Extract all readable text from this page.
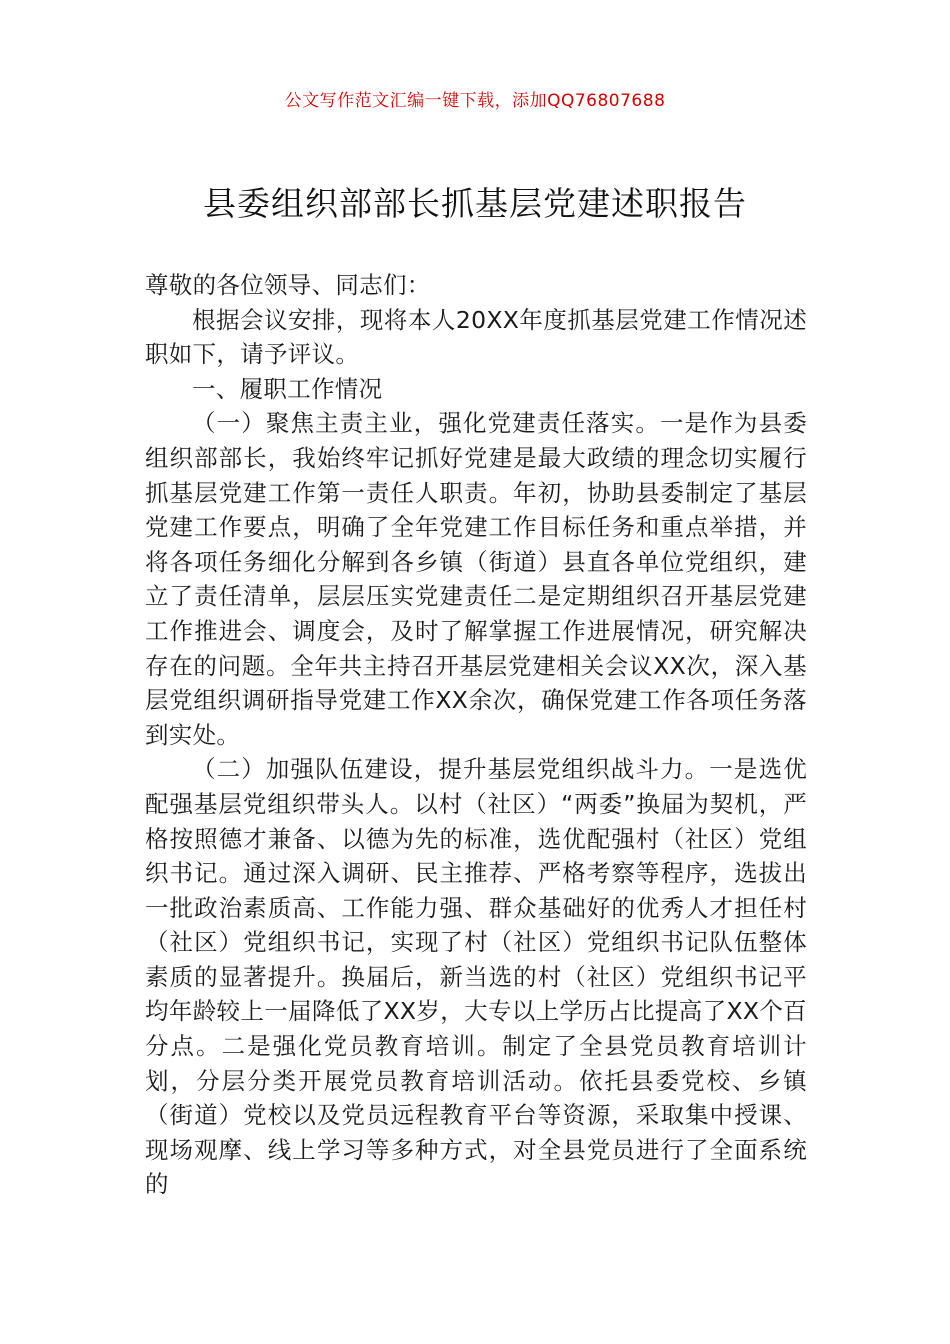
公文写作范文汇编一键下载，添加QQ76807688
县委组织部部长抓基层党建述职报告

尊敬的各位领导、同志们：

根据会议安排，现将本人20XX年度抓基层党建工作情况述职如下，请予评议。

一、履职工作情况

（一）聚焦主责主业，强化党建责任落实。一是作为县委组织部部长，我始终牢记抓好党建是最大政绩的理念切实履行抓基层党建工作第一责任人职责。年初，协助县委制定了基层党建工作要点，明确了全年党建工作目标任务和重点举措，并将各项任务细化分解到各乡镇（街道）县直各单位党组织，建立了责任清单，层层压实党建责任二是定期组织召开基层党建工作推进会、调度会，及时了解掌握工作进展情况，研究解决存在的问题。全年共主持召开基层党建相关会议XX次，深入基层党组织调研指导党建工作XX余次，确保党建工作各项任务落到实处。

（二）加强队伍建设，提升基层党组织战斗力。一是选优配强基层党组织带头人。以村（社区）“两委”换届为契机，严格按照德才兼备、以德为先的标准，选优配强村（社区）党组织书记。通过深入调研、民主推荐、严格考察等程序，选拔出一批政治素质高、工作能力强、群众基础好的优秀人才担任村（社区）党组织书记，实现了村（社区）党组织书记队伍整体素质的显著提升。换届后，新当选的村（社区）党组织书记平均年龄较上一届降低了XX岁，大专以上学历占比提高了XX个百分点。二是强化党员教育培训。制定了全县党员教育培训计划，分层分类开展党员教育培训活动。依托县委党校、乡镇（街道）党校以及党员远程教育平台等资源，采取集中授课、现场观摩、线上学习等多种方式，对全县党员进行了全面系统的
